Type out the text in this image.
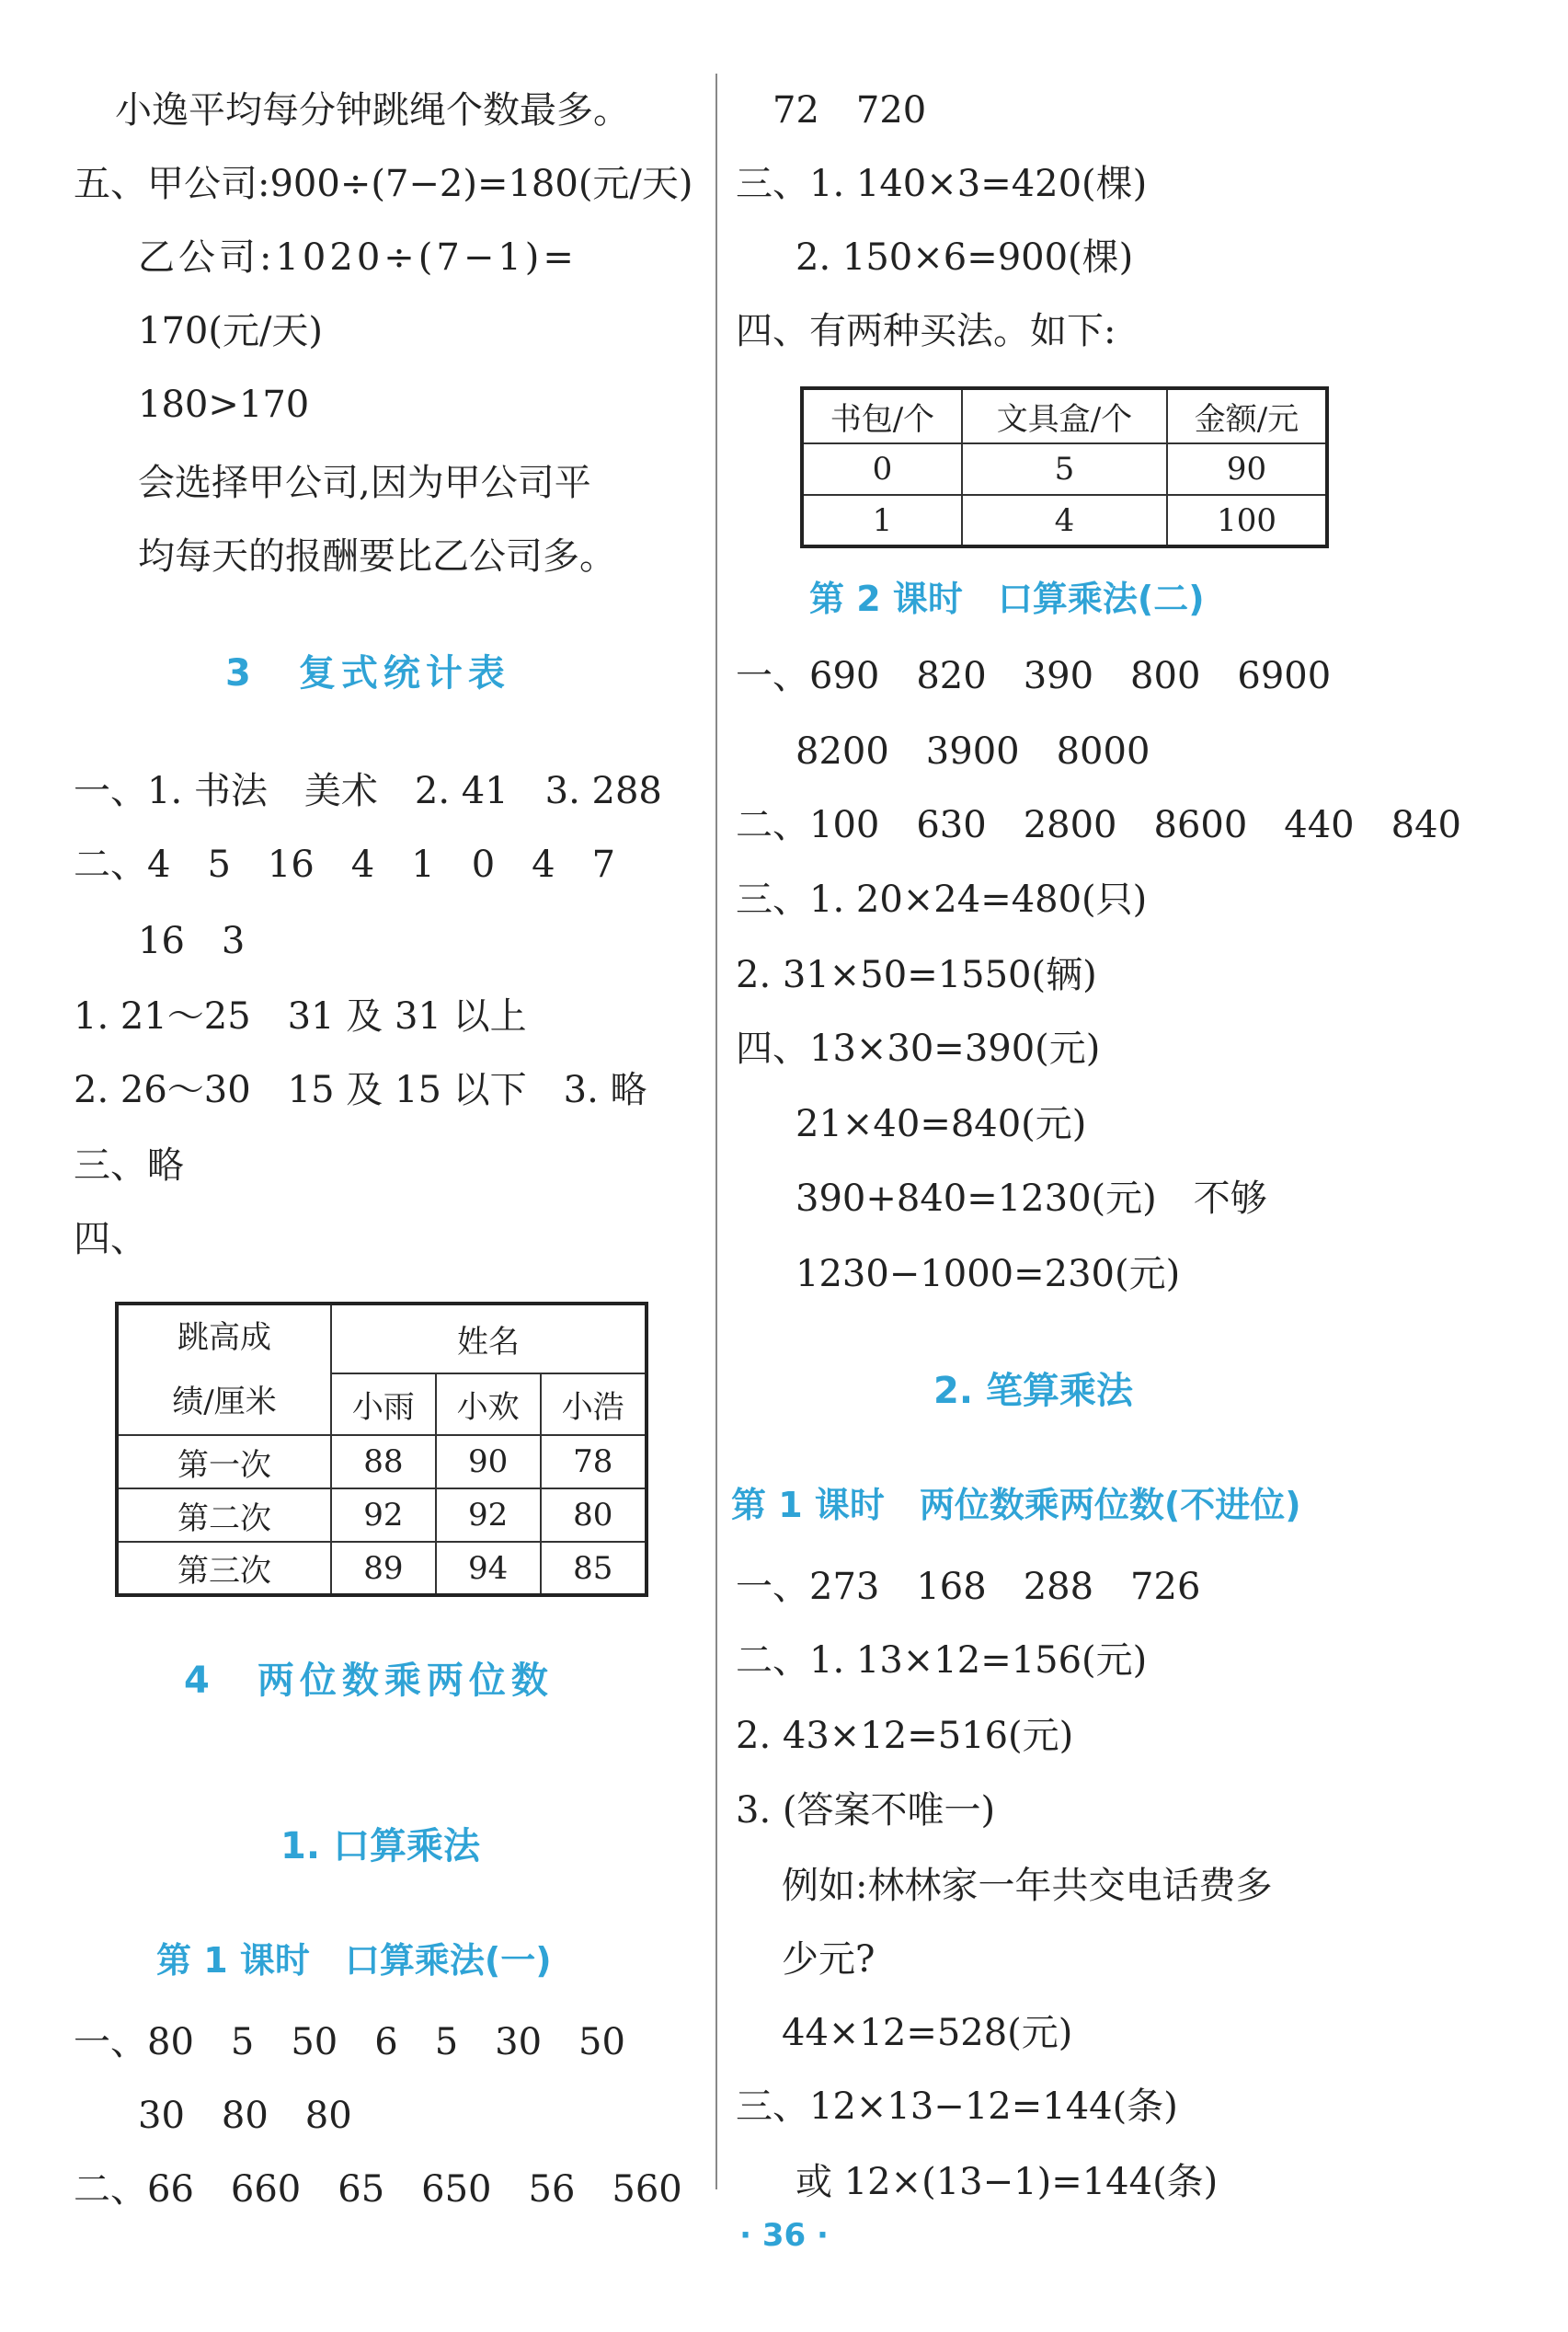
小逸平均每分钟跳绳个数最多。
五、甲公司:900÷(7−2)=180(元/天)
乙公司:1020÷(7−1)=
170(元/天)
180>170
会选择甲公司,因为甲公司平
均每天的报酬要比乙公司多。
3　复式统计表
一、1. 书法　美术　2. 41　3. 288
二、4　5　16　4　1　0　4　7
16　3
1. 21～25　31 及 31 以上
2. 26～30　15 及 15 以下　3. 略
三、略
四、
跳高成
绩/厘米	姓名		
	小雨	小欢	小浩
第一次	88	90	78
第二次	92	92	80
第三次	89	94	85
4　两位数乘两位数
1. 口算乘法
第 1 课时　口算乘法(一)
一、80　5　50　6　5　30　50
30　80　80
二、66　660　65　650　56　560
72　720
三、1. 140×3=420(棵)
2. 150×6=900(棵)
四、有两种买法。如下:
书包/个	文具盒/个	金额/元
0	5	90
1	4	100
第 2 课时　口算乘法(二)
一、690　820　390　800　6900
8200　3900　8000
二、100　630　2800　8600　440　840
三、1. 20×24=480(只)
2. 31×50=1550(辆)
四、13×30=390(元)
21×40=840(元)
390+840=1230(元)　不够
1230−1000=230(元)
2. 笔算乘法
第 1 课时　两位数乘两位数(不进位)
一、273　168　288　726
二、1. 13×12=156(元)
2. 43×12=516(元)
3. (答案不唯一)
例如:林林家一年共交电话费多
少元?
44×12=528(元)
三、12×13−12=144(条)
或 12×(13−1)=144(条)
· 36 ·
